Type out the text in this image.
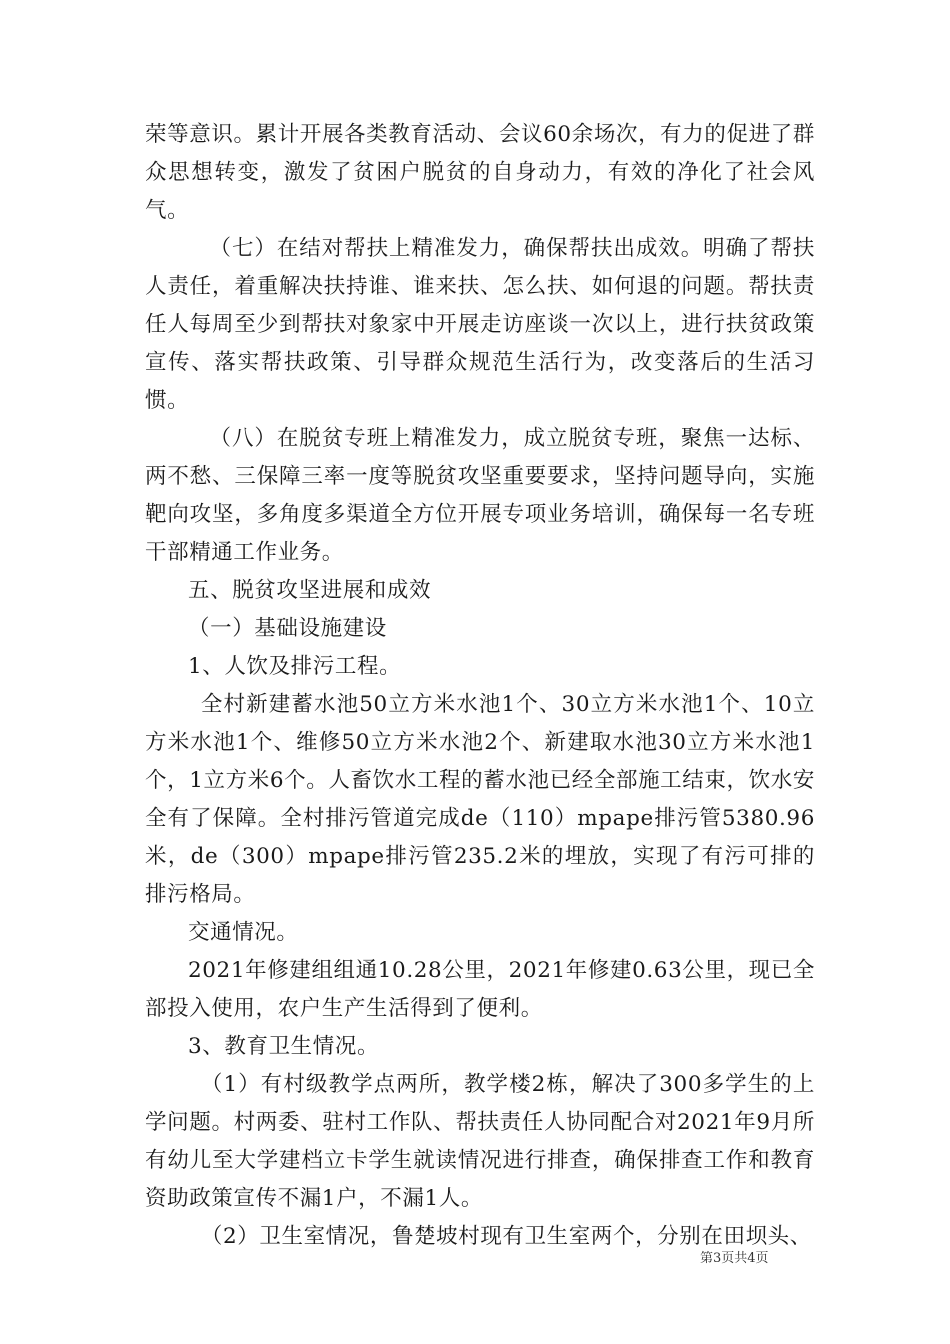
荣等意识。累计开展各类教育活动、会议60余场次，有力的促进了群众思想转变，激发了贫困户脱贫的自身动力，有效的净化了社会风气。

（七）在结对帮扶上精准发力，确保帮扶出成效。明确了帮扶人责任，着重解决扶持谁、谁来扶、怎么扶、如何退的问题。帮扶责任人每周至少到帮扶对象家中开展走访座谈一次以上，进行扶贫政策宣传、落实帮扶政策、引导群众规范生活行为，改变落后的生活习惯。

（八）在脱贫专班上精准发力，成立脱贫专班，聚焦一达标、两不愁、三保障三率一度等脱贫攻坚重要要求，坚持问题导向，实施靶向攻坚，多角度多渠道全方位开展专项业务培训，确保每一名专班干部精通工作业务。

五、脱贫攻坚进展和成效

（一）基础设施建设

1、人饮及排污工程。

全村新建蓄水池50立方米水池1个、30立方米水池1个、10立方米水池1个、维修50立方米水池2个、新建取水池30立方米水池1个，1立方米6个。人畜饮水工程的蓄水池已经全部施工结束，饮水安全有了保障。全村排污管道完成de（110）mpape排污管5380.96米，de（300）mpape排污管235.2米的埋放，实现了有污可排的排污格局。

交通情况。

2021年修建组组通10.28公里，2021年修建0.63公里，现已全部投入使用，农户生产生活得到了便利。

3、教育卫生情况。

（1）有村级教学点两所，教学楼2栋，解决了300多学生的上学问题。村两委、驻村工作队、帮扶责任人协同配合对2021年9月所有幼儿至大学建档立卡学生就读情况进行排查，确保排查工作和教育资助政策宣传不漏1户，不漏1人。

（2）卫生室情况，鲁楚坡村现有卫生室两个，分别在田坝头、

第3页共4页
